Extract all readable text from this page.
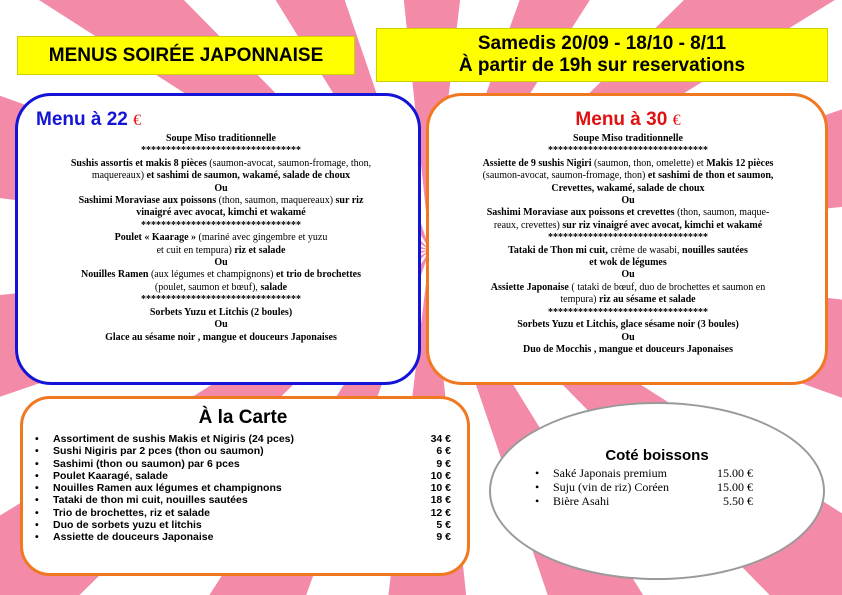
MENUS SOIRÉE JAPONNAISE
Samedis 20/09 - 18/10 - 8/11
À partir de 19h sur reservations
Menu à 22 €
Soupe Miso traditionnelle
********************************
Sushis assortis et makis 8 pièces (saumon-avocat, saumon-fromage, thon,
maquereaux) et sashimi de saumon, wakamé, salade de choux
Ou
Sashimi Moraviase aux poissons (thon, saumon, maquereaux) sur riz
vinaigré avec avocat, kimchi et wakamé
********************************
Poulet « Kaarage » (mariné avec gingembre et yuzu
et cuit en tempura) riz et salade
Ou
Nouilles Ramen (aux légumes et champignons) et trio de brochettes
(poulet, saumon et bœuf), salade
********************************
Sorbets Yuzu et Litchis (2 boules)
Ou
Glace au sésame noir , mangue et douceurs Japonaises
Menu à 30 €
Soupe Miso traditionnelle
********************************
Assiette de 9 sushis Nigiri (saumon, thon, omelette) et Makis 12 pièces
(saumon-avocat, saumon-fromage, thon) et sashimi de thon et saumon,
Crevettes, wakamé, salade de choux
Ou
Sashimi Moraviase aux poissons et crevettes (thon, saumon, maque-
reaux, crevettes) sur riz vinaigré avec avocat, kimchi et wakamé
********************************
Tataki de Thon mi cuit, crème de wasabi, nouilles sautées
et wok de légumes
Ou
Assiette Japonaise ( tataki de bœuf, duo de brochettes et saumon en
tempura) riz au sésame et salade
********************************
Sorbets Yuzu et Litchis, glace sésame noir (3 boules)
Ou
Duo de Mocchis , mangue et douceurs Japonaises
À la Carte
•	Assortiment de sushis Makis et Nigiris (24 pces)	34 €
•	Sushi Nigiris par 2 pces (thon ou saumon)	6 €
•	Sashimi (thon ou saumon) par 6 pces	9 €
•	Poulet Kaaragé, salade	10 €
•	Nouilles Ramen aux légumes et champignons	10 €
•	Tataki de thon mi cuit, nouilles sautées	18 €
•	Trio de brochettes, riz et salade	12 €
•	Duo de sorbets yuzu et litchis	5 €
•	Assiette de douceurs Japonaise	9 €
Coté boissons
•	Saké Japonais premium	15.00 €
•	Suju (vin de riz) Coréen	15.00 €
•	Bière Asahi	5.50 €
